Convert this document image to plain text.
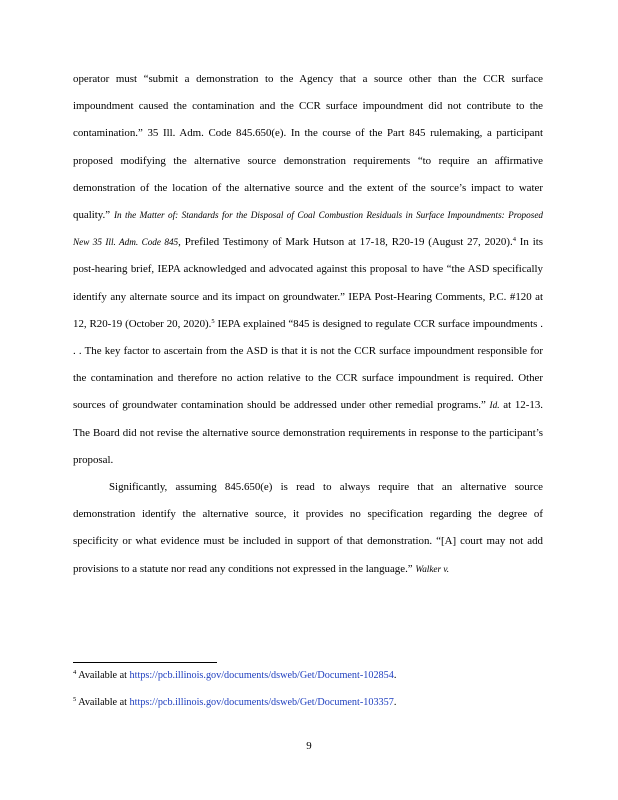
operator must “submit a demonstration to the Agency that a source other than the CCR surface impoundment caused the contamination and the CCR surface impoundment did not contribute to the contamination.” 35 Ill. Adm. Code 845.650(e). In the course of the Part 845 rulemaking, a participant proposed modifying the alternative source demonstration requirements “to require an affirmative demonstration of the location of the alternative source and the extent of the source’s impact to water quality.” In the Matter of: Standards for the Disposal of Coal Combustion Residuals in Surface Impoundments: Proposed New 35 Ill. Adm. Code 845, Prefiled Testimony of Mark Hutson at 17-18, R20-19 (August 27, 2020).$^4$ In its post-hearing brief, IEPA acknowledged and advocated against this proposal to have “the ASD specifically identify any alternate source and its impact on groundwater.” IEPA Post-Hearing Comments, P.C. #120 at 12, R20-19 (October 20, 2020).$^5$ IEPA explained “845 is designed to regulate CCR surface impoundments . . . The key factor to ascertain from the ASD is that it is not the CCR surface impoundment responsible for the contamination and therefore no action relative to the CCR surface impoundment is required. Other sources of groundwater contamination should be addressed under other remedial programs.” Id. at 12-13. The Board did not revise the alternative source demonstration requirements in response to the participant’s proposal.

Significantly, assuming 845.650(e) is read to always require that an alternative source demonstration identify the alternative source, it provides no specification regarding the degree of specificity or what evidence must be included in support of that demonstration. “[A] court may not add provisions to a statute nor read any conditions not expressed in the language.” Walker v.

$^4$ Available at https://pcb.illinois.gov/documents/dsweb/Get/Document-102854.

$^5$ Available at https://pcb.illinois.gov/documents/dsweb/Get/Document-103357.

9
